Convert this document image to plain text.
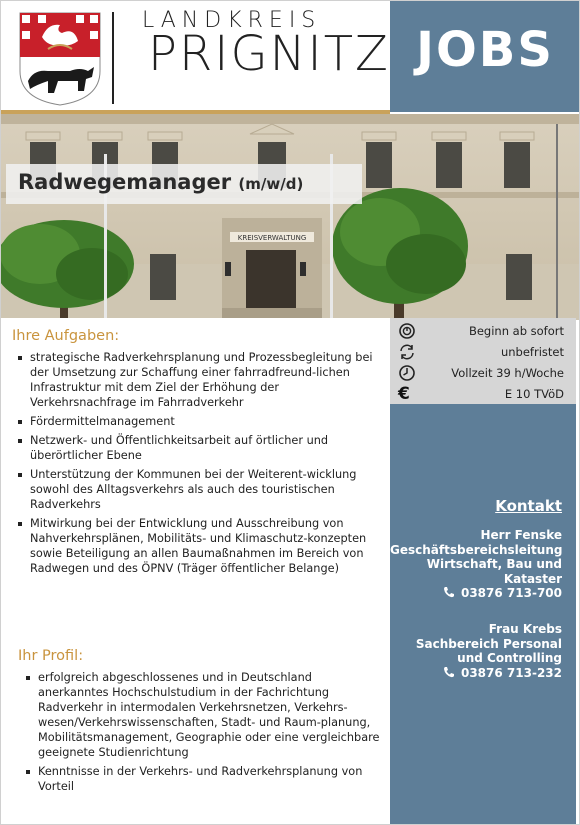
LANDKREIS
PRIGNITZ JOBS
KREISVERWALTUNG
Radwegemanager (m/w/d)
Ihre Aufgaben:
strategische Radverkehrsplanung und Prozessbegleitung bei der Umsetzung zur Schaffung einer fahrradfreund-lichen Infrastruktur mit dem Ziel der Erhöhung der Verkehrsnachfrage im Fahrradverkehr
Fördermittelmanagement
Netzwerk- und Öffentlichkeitsarbeit auf örtlicher und überörtlicher Ebene
Unterstützung der Kommunen bei der Weiterent-wicklung sowohl des Alltagsverkehrs als auch des touristischen Radverkehrs
Mitwirkung bei der Entwicklung und Ausschreibung von Nahverkehrsplänen, Mobilitäts- und Klimaschutz-konzepten sowie Beteiligung an allen Baumaßnahmen im Bereich von Radwegen und des ÖPNV (Träger öffentlicher Belange)
Ihr Profil:
erfolgreich abgeschlossenes und in Deutschland anerkanntes Hochschulstudium in der Fachrichtung Radverkehr in intermodalen Verkehrsnetzen, Verkehrs-wesen/Verkehrswissenschaften, Stadt- und Raum-planung, Mobilitätsmanagement, Geographie oder eine vergleichbare geeignete Studienrichtung
Kenntnisse in der Verkehrs- und Radverkehrsplanung von Vorteil
Beginn ab sofort
unbefristet
Vollzeit 39 h/Woche
€	E 10 TVöD
Kontakt
Herr Fenske
Geschäftsbereichsleitung
Wirtschaft, Bau und
Kataster
03876 713-700
Frau Krebs
Sachbereich Personal
und Controlling
03876 713-232
